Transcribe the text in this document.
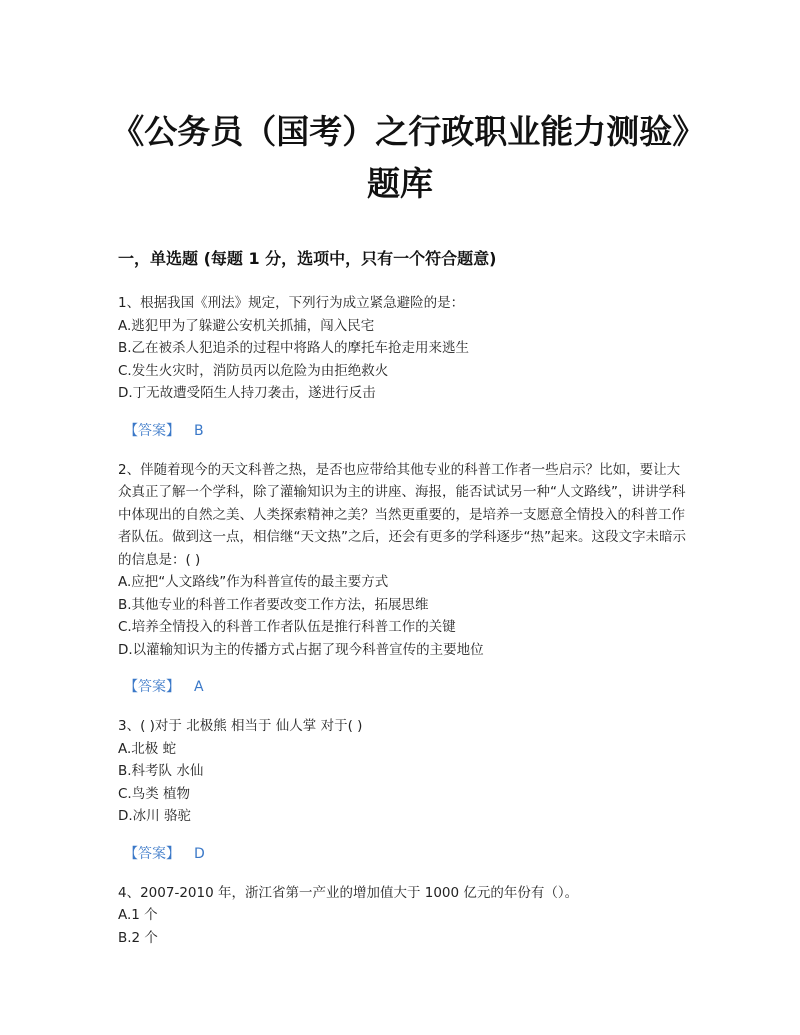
《公务员（国考）之行政职业能力测验》题库
一，单选题 (每题 1 分，选项中，只有一个符合题意)
1、根据我国《刑法》规定，下列行为成立紧急避险的是：
A.逃犯甲为了躲避公安机关抓捕，闯入民宅
B.乙在被杀人犯追杀的过程中将路人的摩托车抢走用来逃生
C.发生火灾时，消防员丙以危险为由拒绝救火
D.丁无故遭受陌生人持刀袭击，遂进行反击
【答案】 B
2、伴随着现今的天文科普之热，是否也应带给其他专业的科普工作者一些启示？比如，要让大众真正了解一个学科，除了灌输知识为主的讲座、海报，能否试试另一种“人文路线”，讲讲学科中体现出的自然之美、人类探索精神之美？当然更重要的，是培养一支愿意全情投入的科普工作者队伍。做到这一点，相信继“天文热”之后，还会有更多的学科逐步“热”起来。这段文字未暗示的信息是：( )
A.应把“人文路线”作为科普宣传的最主要方式
B.其他专业的科普工作者要改变工作方法，拓展思维
C.培养全情投入的科普工作者队伍是推行科普工作的关键
D.以灌输知识为主的传播方式占据了现今科普宣传的主要地位
【答案】 A
3、( )对于 北极熊 相当于 仙人掌 对于( )
A.北极 蛇
B.科考队 水仙
C.鸟类 植物
D.冰川 骆驼
【答案】 D
4、2007-2010 年，浙江省第一产业的增加值大于 1000 亿元的年份有（）。
A.1 个
B.2 个
